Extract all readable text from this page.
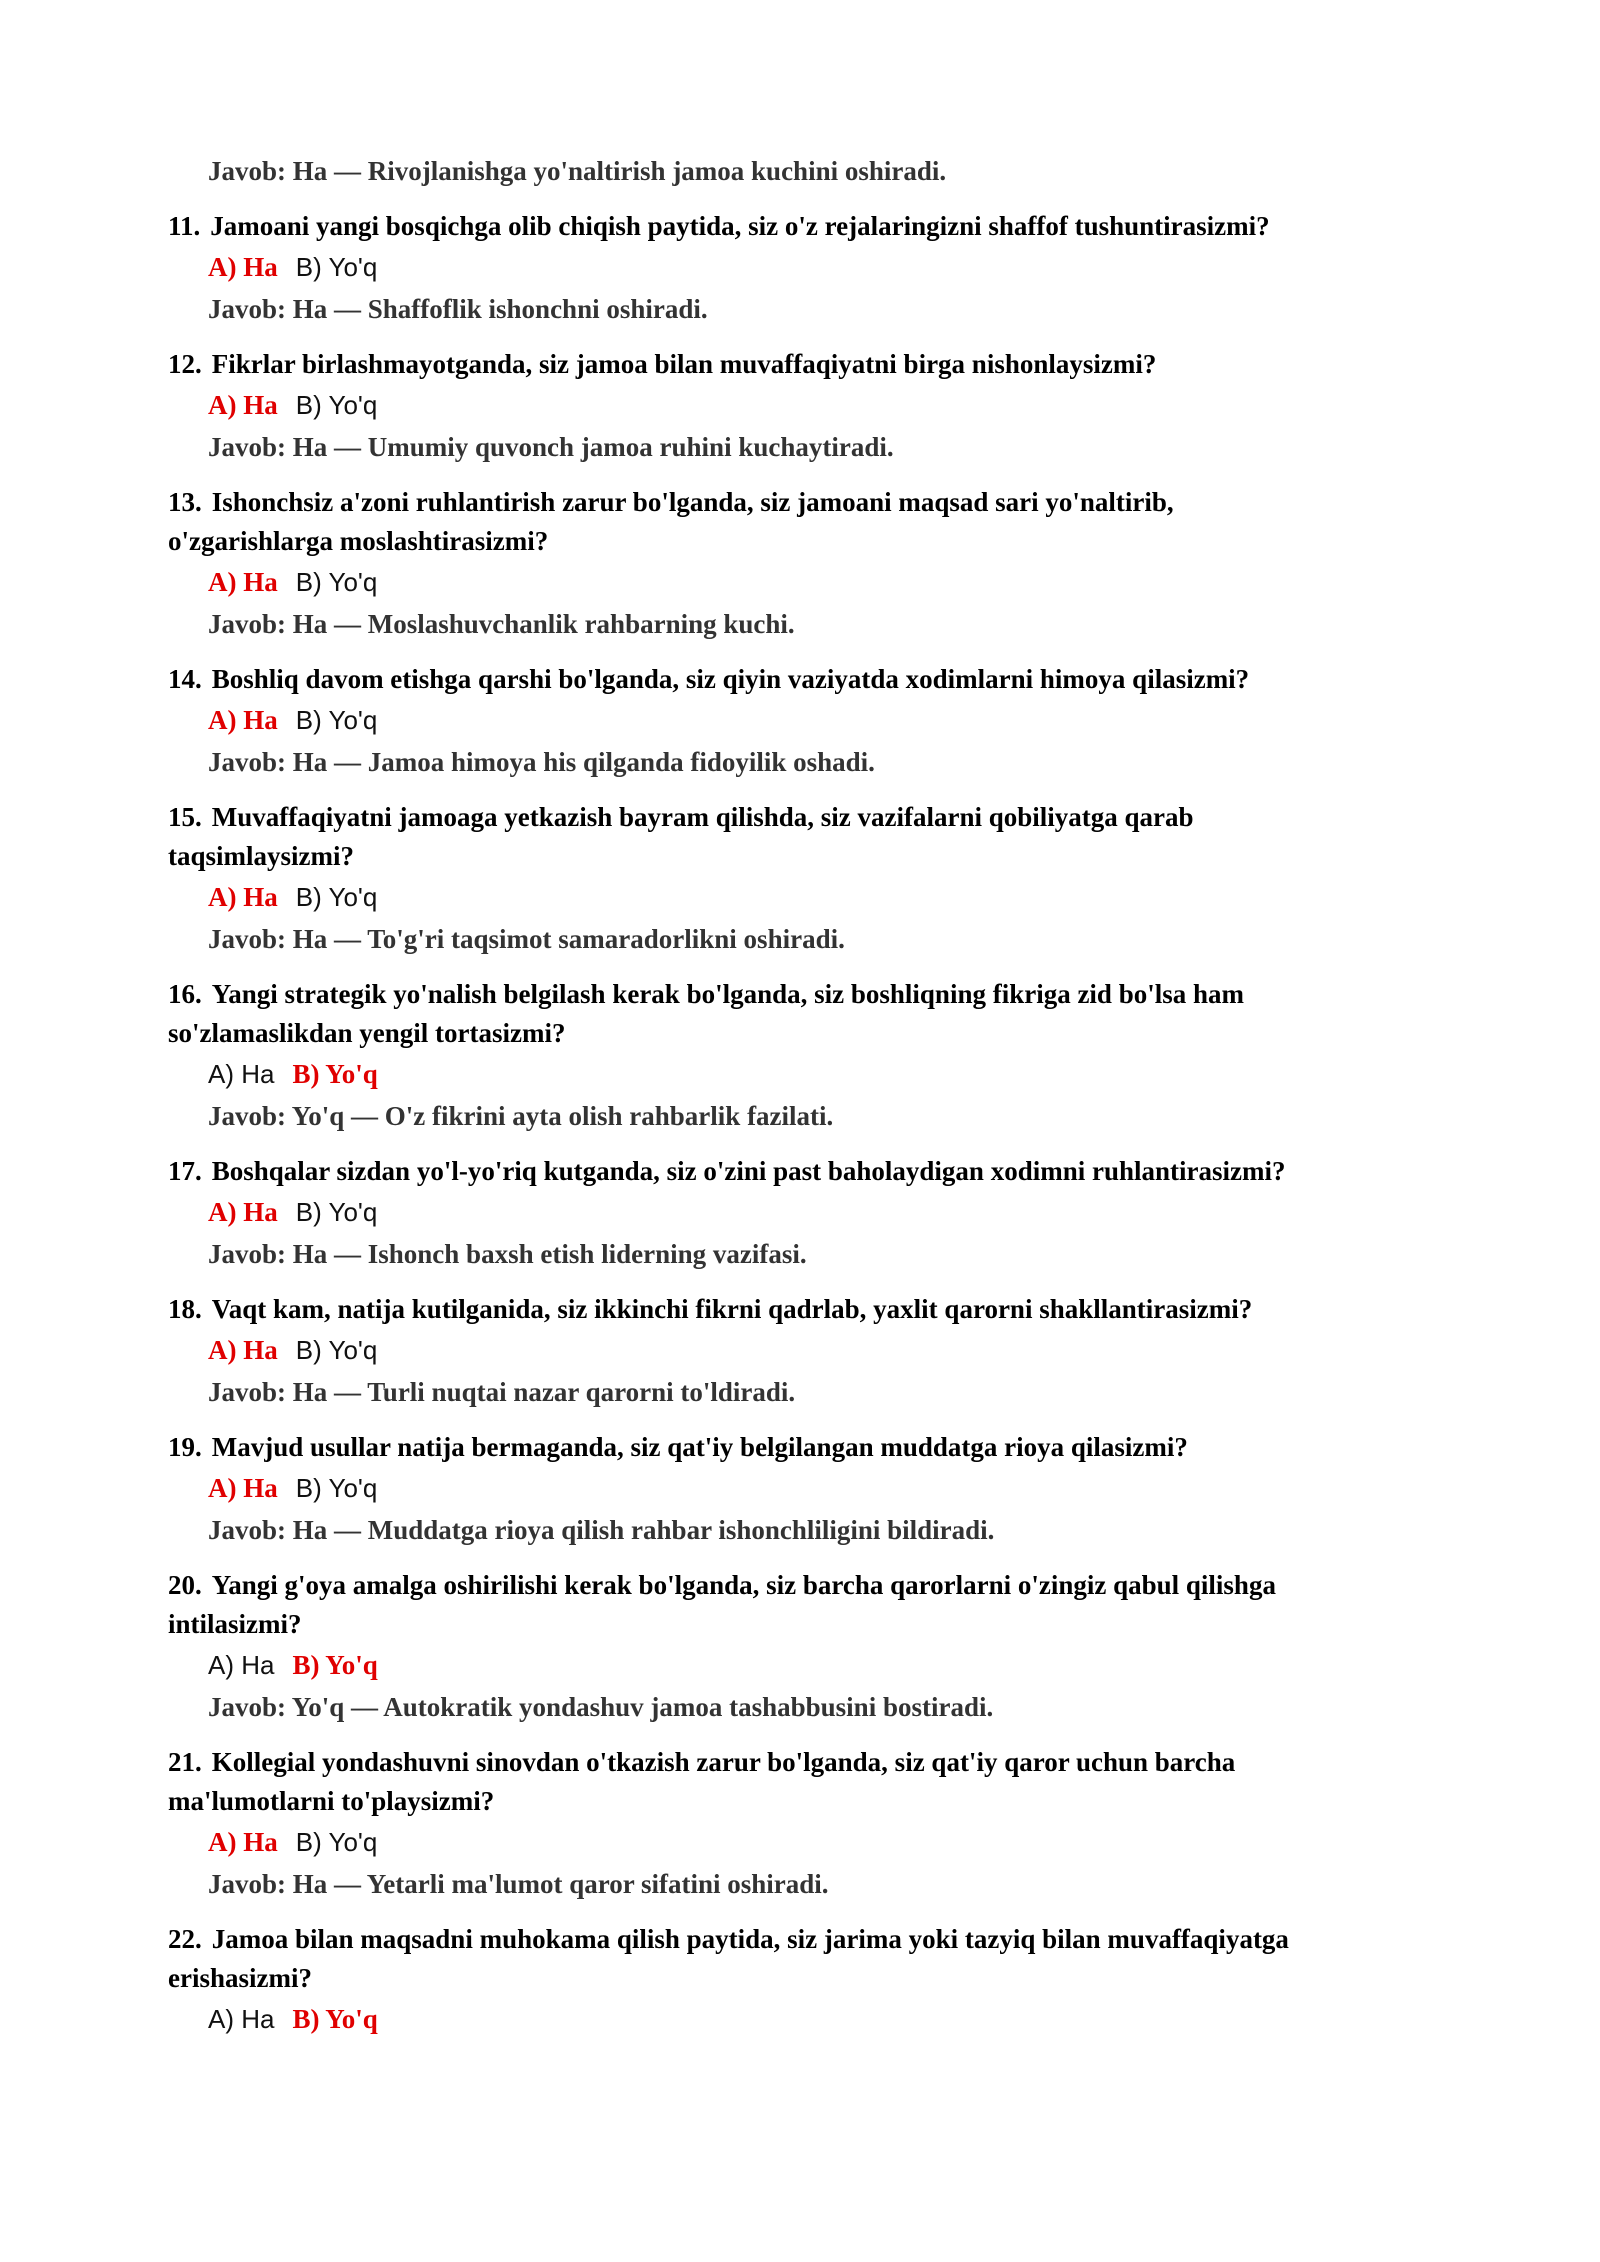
Javob: Ha — Rivojlanishga yo'naltirish jamoa kuchini oshiradi.
11. Jamoani yangi bosqichga olib chiqish paytida, siz o'z rejalaringizni shaffof tushuntirasizmi?
A) Ha B) Yo'q
Javob: Ha — Shaffoflik ishonchni oshiradi.
12. Fikrlar birlashmayotganda, siz jamoa bilan muvaffaqiyatni birga nishonlaysizmi?
A) Ha B) Yo'q
Javob: Ha — Umumiy quvonch jamoa ruhini kuchaytiradi.
13. Ishonchsiz a'zoni ruhlantirish zarur bo'lganda, siz jamoani maqsad sari yo'naltirib,
o'zgarishlarga moslashtirasizmi?
A) Ha B) Yo'q
Javob: Ha — Moslashuvchanlik rahbarning kuchi.
14. Boshliq davom etishga qarshi bo'lganda, siz qiyin vaziyatda xodimlarni himoya qilasizmi?
A) Ha B) Yo'q
Javob: Ha — Jamoa himoya his qilganda fidoyilik oshadi.
15. Muvaffaqiyatni jamoaga yetkazish bayram qilishda, siz vazifalarni qobiliyatga qarab
taqsimlaysizmi?
A) Ha B) Yo'q
Javob: Ha — To'g'ri taqsimot samaradorlikni oshiradi.
16. Yangi strategik yo'nalish belgilash kerak bo'lganda, siz boshliqning fikriga zid bo'lsa ham
so'zlamaslikdan yengil tortasizmi?
A) Ha B) Yo'q
Javob: Yo'q — O'z fikrini ayta olish rahbarlik fazilati.
17. Boshqalar sizdan yo'l-yo'riq kutganda, siz o'zini past baholaydigan xodimni ruhlantirasizmi?
A) Ha B) Yo'q
Javob: Ha — Ishonch baxsh etish liderning vazifasi.
18. Vaqt kam, natija kutilganida, siz ikkinchi fikrni qadrlab, yaxlit qarorni shakllantirasizmi?
A) Ha B) Yo'q
Javob: Ha — Turli nuqtai nazar qarorni to'ldiradi.
19. Mavjud usullar natija bermaganda, siz qat'iy belgilangan muddatga rioya qilasizmi?
A) Ha B) Yo'q
Javob: Ha — Muddatga rioya qilish rahbar ishonchliligini bildiradi.
20. Yangi g'oya amalga oshirilishi kerak bo'lganda, siz barcha qarorlarni o'zingiz qabul qilishga
intilasizmi?
A) Ha B) Yo'q
Javob: Yo'q — Autokratik yondashuv jamoa tashabbusini bostiradi.
21. Kollegial yondashuvni sinovdan o'tkazish zarur bo'lganda, siz qat'iy qaror uchun barcha
ma'lumotlarni to'playsizmi?
A) Ha B) Yo'q
Javob: Ha — Yetarli ma'lumot qaror sifatini oshiradi.
22. Jamoa bilan maqsadni muhokama qilish paytida, siz jarima yoki tazyiq bilan muvaffaqiyatga
erishasizmi?
A) Ha B) Yo'q
